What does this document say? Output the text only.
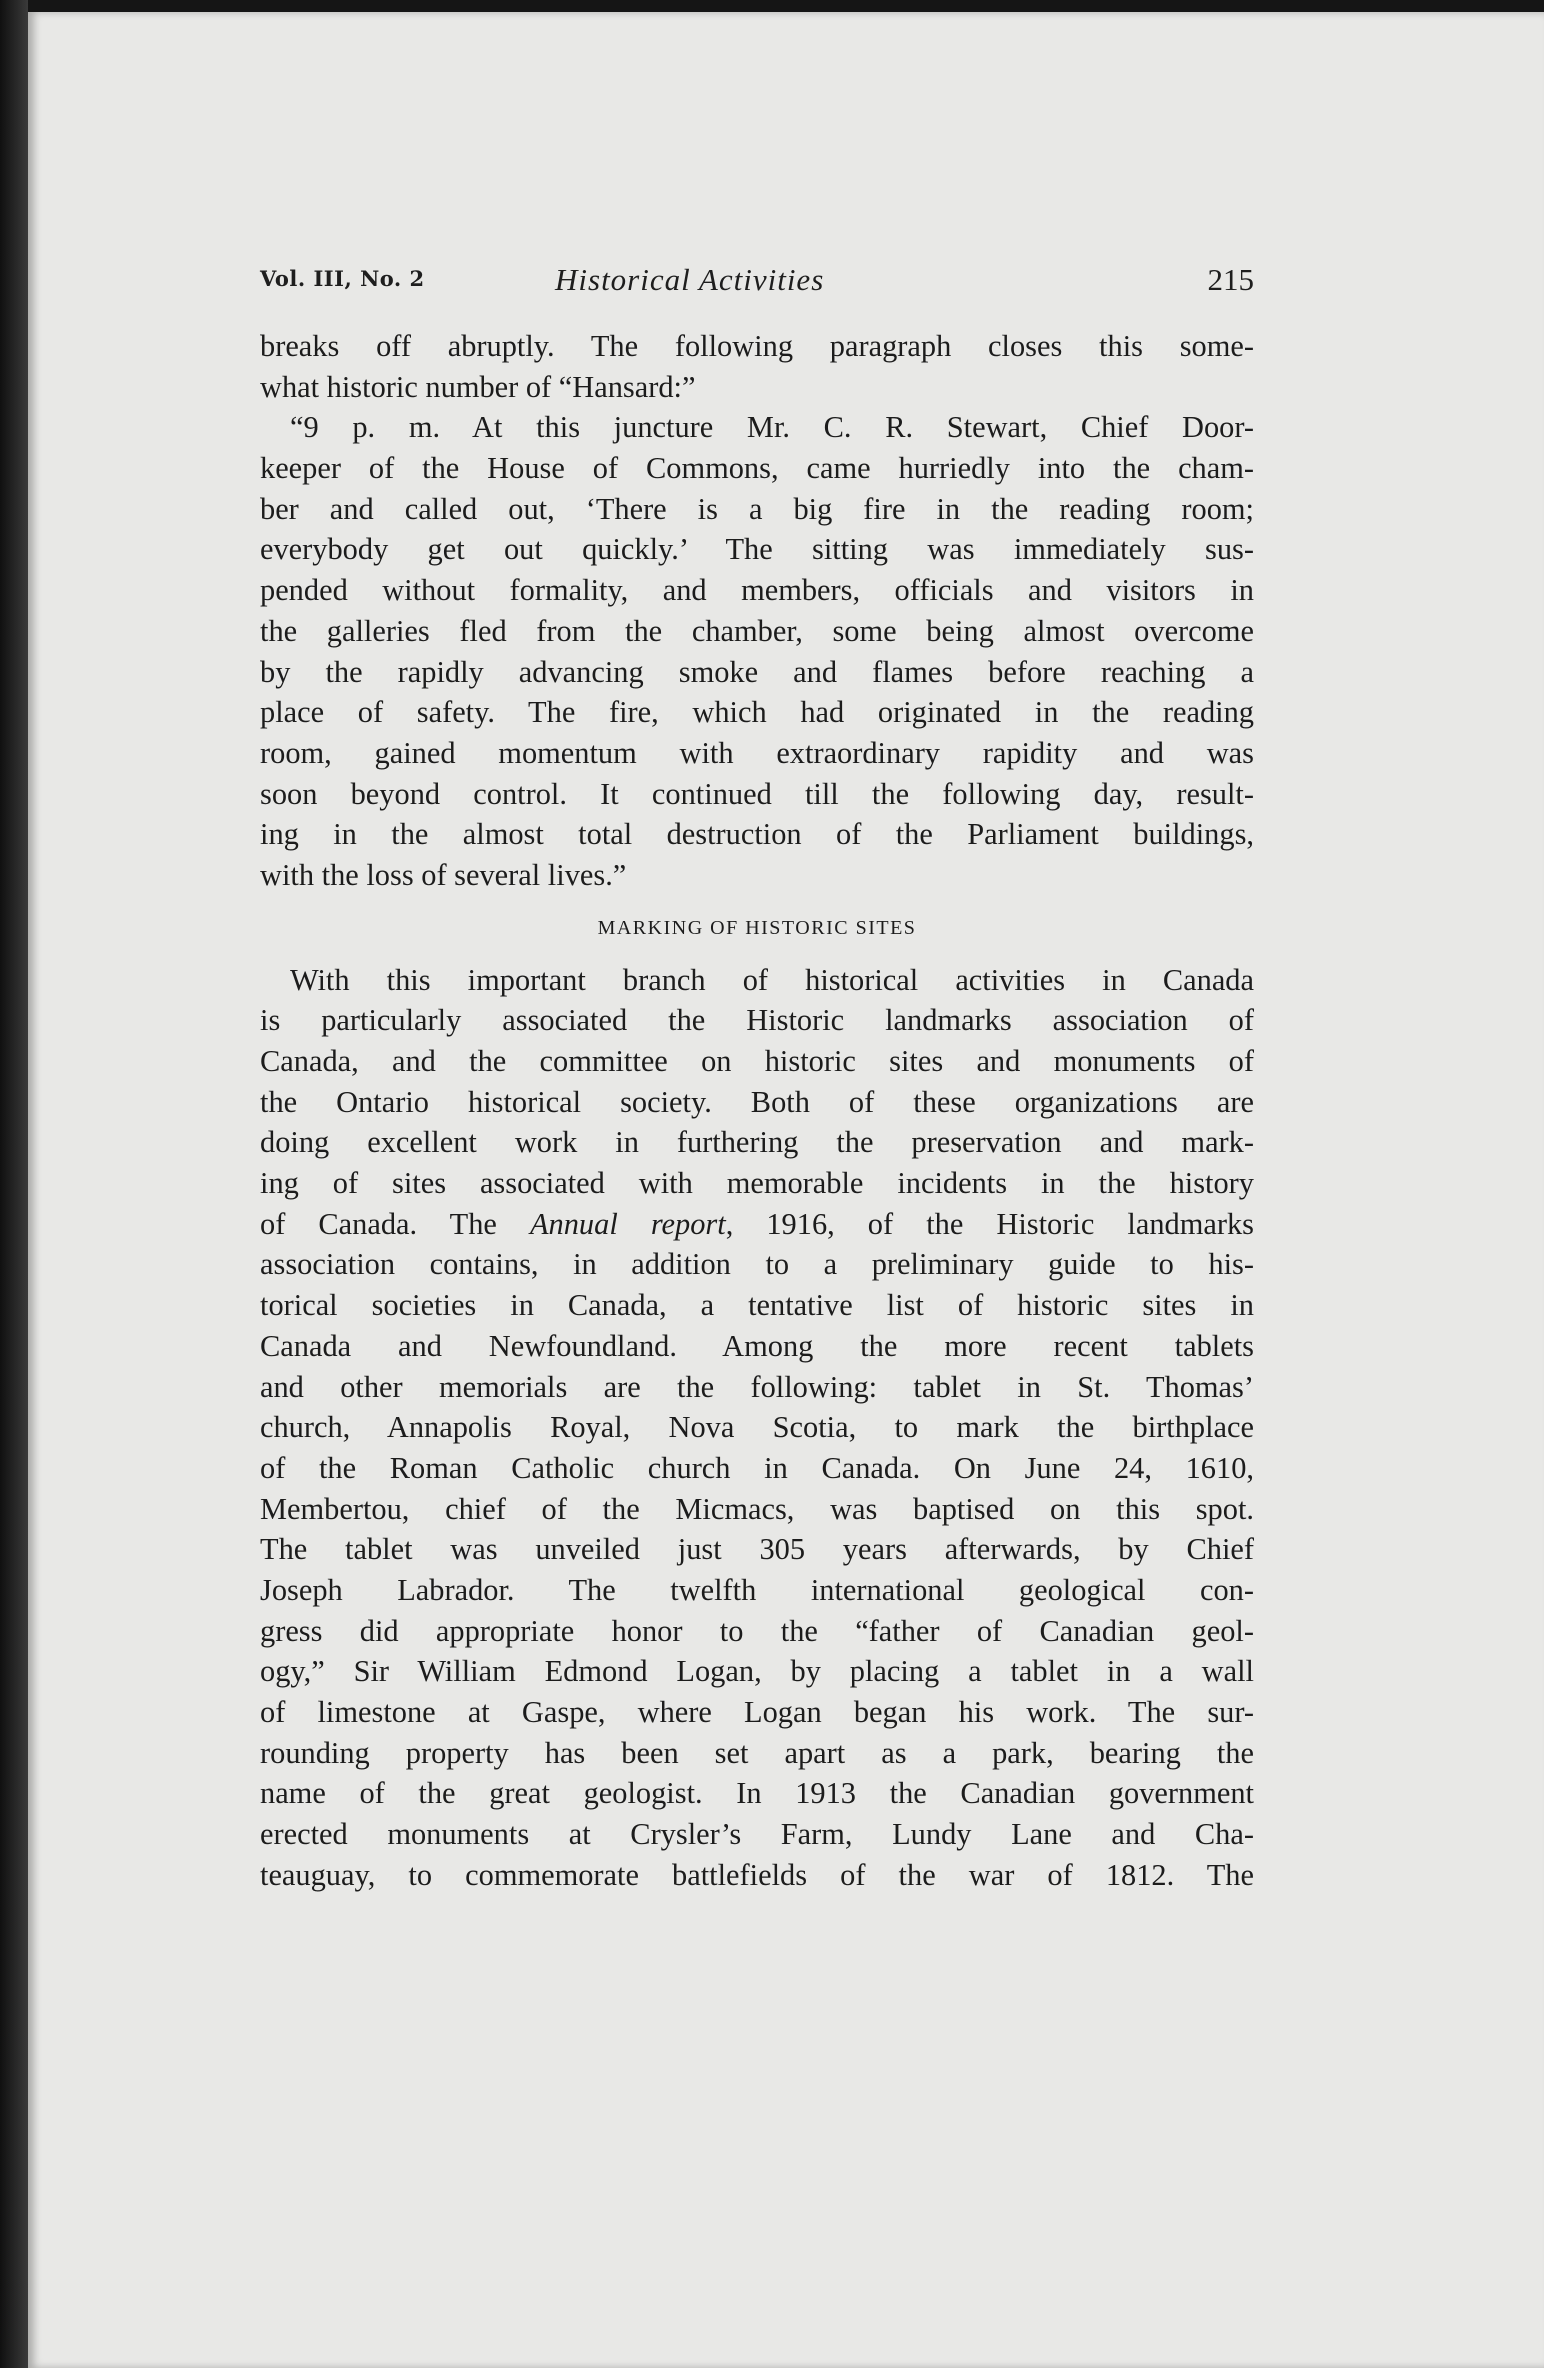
Vol. III, No. 2	Historical Activities	215
breaks off abruptly. The following paragraph closes this some-
what historic number of “Hansard:”
“9 p. m. At this juncture Mr. C. R. Stewart, Chief Door-
keeper of the House of Commons, came hurriedly into the cham-
ber and called out, ‘There is a big fire in the reading room;
everybody get out quickly.’ The sitting was immediately sus-
pended without formality, and members, officials and visitors in
the galleries fled from the chamber, some being almost overcome
by the rapidly advancing smoke and flames before reaching a
place of safety. The fire, which had originated in the reading
room, gained momentum with extraordinary rapidity and was
soon beyond control. It continued till the following day, result-
ing in the almost total destruction of the Parliament buildings,
with the loss of several lives.”
MARKING OF HISTORIC SITES
With this important branch of historical activities in Canada
is particularly associated the Historic landmarks association of
Canada, and the committee on historic sites and monuments of
the Ontario historical society. Both of these organizations are
doing excellent work in furthering the preservation and mark-
ing of sites associated with memorable incidents in the history
of Canada. The Annual report, 1916, of the Historic landmarks
association contains, in addition to a preliminary guide to his-
torical societies in Canada, a tentative list of historic sites in
Canada and Newfoundland. Among the more recent tablets
and other memorials are the following: tablet in St. Thomas’
church, Annapolis Royal, Nova Scotia, to mark the birthplace
of the Roman Catholic church in Canada. On June 24, 1610,
Membertou, chief of the Micmacs, was baptised on this spot.
The tablet was unveiled just 305 years afterwards, by Chief
Joseph Labrador. The twelfth international geological con-
gress did appropriate honor to the “father of Canadian geol-
ogy,” Sir William Edmond Logan, by placing a tablet in a wall
of limestone at Gaspe, where Logan began his work. The sur-
rounding property has been set apart as a park, bearing the
name of the great geologist. In 1913 the Canadian government
erected monuments at Crysler’s Farm, Lundy Lane and Cha-
teauguay, to commemorate battlefields of the war of 1812. The
